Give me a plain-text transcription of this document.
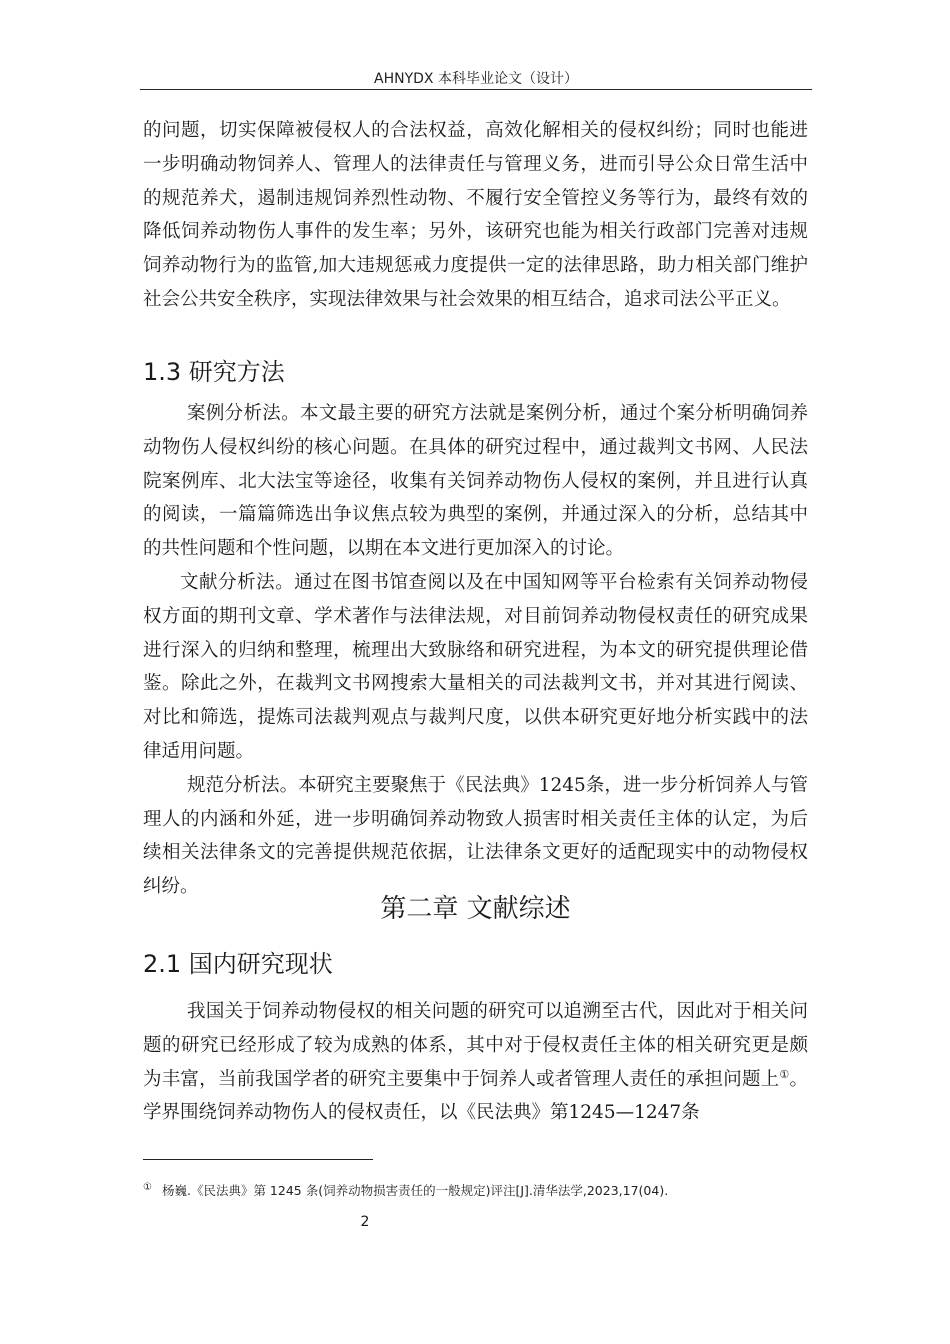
AHNYDX 本科毕业论文（设计）

的问题，切实保障被侵权人的合法权益，高效化解相关的侵权纠纷；同时也能进一步明确动物饲养人、管理人的法律责任与管理义务，进而引导公众日常生活中的规范养犬，遏制违规饲养烈性动物、不履行安全管控义务等行为，最终有效的降低饲养动物伤人事件的发生率；另外，该研究也能为相关行政部门完善对违规饲养动物行为的监管,加大违规惩戒力度提供一定的法律思路，助力相关部门维护社会公共安全秩序，实现法律效果与社会效果的相互结合，追求司法公平正义。

1.3 研究方法

案例分析法。本文最主要的研究方法就是案例分析，通过个案分析明确饲养动物伤人侵权纠纷的核心问题。在具体的研究过程中，通过裁判文书网、人民法院案例库、北大法宝等途径，收集有关饲养动物伤人侵权的案例，并且进行认真的阅读，一篇篇筛选出争议焦点较为典型的案例，并通过深入的分析，总结其中的共性问题和个性问题，以期在本文进行更加深入的讨论。

文献分析法。通过在图书馆查阅以及在中国知网等平台检索有关饲养动物侵权方面的期刊文章、学术著作与法律法规，对目前饲养动物侵权责任的研究成果进行深入的归纳和整理，梳理出大致脉络和研究进程，为本文的研究提供理论借鉴。除此之外，在裁判文书网搜索大量相关的司法裁判文书，并对其进行阅读、对比和筛选，提炼司法裁判观点与裁判尺度，以供本研究更好地分析实践中的法律适用问题。

规范分析法。本研究主要聚焦于《民法典》1245条，进一步分析饲养人与管理人的内涵和外延，进一步明确饲养动物致人损害时相关责任主体的认定，为后续相关法律条文的完善提供规范依据，让法律条文更好的适配现实中的动物侵权纠纷。

第二章 文献综述
2.1 国内研究现状

我国关于饲养动物侵权的相关问题的研究可以追溯至古代，因此对于相关问题的研究已经形成了较为成熟的体系，其中对于侵权责任主体的相关研究更是颇为丰富，当前我国学者的研究主要集中于饲养人或者管理人责任的承担问题上①。学界围绕饲养动物伤人的侵权责任，以《民法典》第1245—1247条

① 杨巍.《民法典》第 1245 条(饲养动物损害责任的一般规定)评注[J].清华法学,2023,17(04).
2
